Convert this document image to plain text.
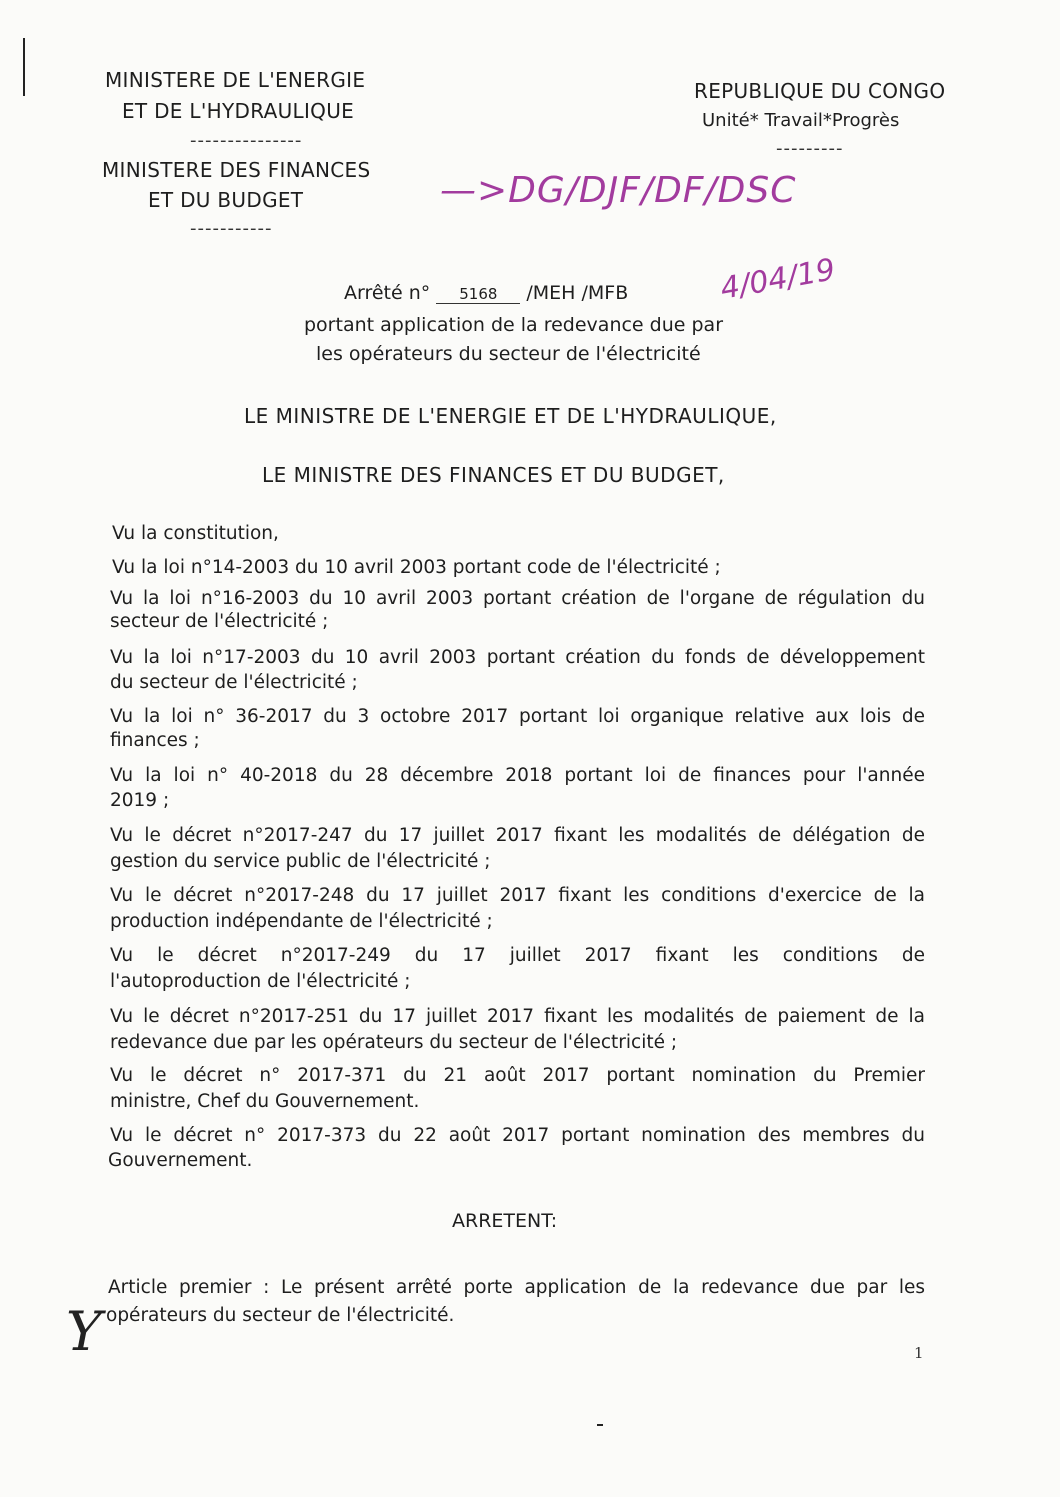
MINISTERE DE L'ENERGIE
ET DE L'HYDRAULIQUE
---------------
MINISTERE DES FINANCES
ET DU BUDGET
-----------
REPUBLIQUE DU CONGO
Unité* Travail*Progrès
---------
—>DG/DJF/DF/DSC
4/04/19
Arrêté n° 5168 /MEH /MFB
portant application de la redevance due par
les opérateurs du secteur de l'électricité
LE MINISTRE DE L'ENERGIE ET DE L'HYDRAULIQUE,
LE MINISTRE DES FINANCES ET DU BUDGET,
Vu la constitution,
Vu la loi n°14-2003 du 10 avril 2003 portant code de l'électricité ;
Vu la loi n°16-2003 du 10 avril 2003 portant création de l'organe de régulation du
secteur de l'électricité ;
Vu la loi n°17-2003 du 10 avril 2003 portant création du fonds de développement
du secteur de l'électricité ;
Vu la loi n° 36-2017 du 3 octobre 2017 portant loi organique relative aux lois de
finances ;
Vu la loi n° 40-2018 du 28 décembre 2018 portant loi de finances pour l'année
2019 ;
Vu le décret n°2017-247 du 17 juillet 2017 fixant les modalités de délégation de
gestion du service public de l'électricité ;
Vu le décret n°2017-248 du 17 juillet 2017 fixant les conditions d'exercice de la
production indépendante de l'électricité ;
Vu le décret n°2017-249 du 17 juillet 2017 fixant les conditions de
l'autoproduction de l'électricité ;
Vu le décret n°2017-251 du 17 juillet 2017 fixant les modalités de paiement de la
redevance due par les opérateurs du secteur de l'électricité ;
Vu le décret n° 2017-371 du 21 août 2017 portant nomination du Premier
ministre, Chef du Gouvernement.
Vu le décret n° 2017-373 du 22 août 2017 portant nomination des membres du
Gouvernement.
ARRETENT:
Article premier : Le présent arrêté porte application de la redevance due par les
opérateurs du secteur de l'électricité.
Y	1
